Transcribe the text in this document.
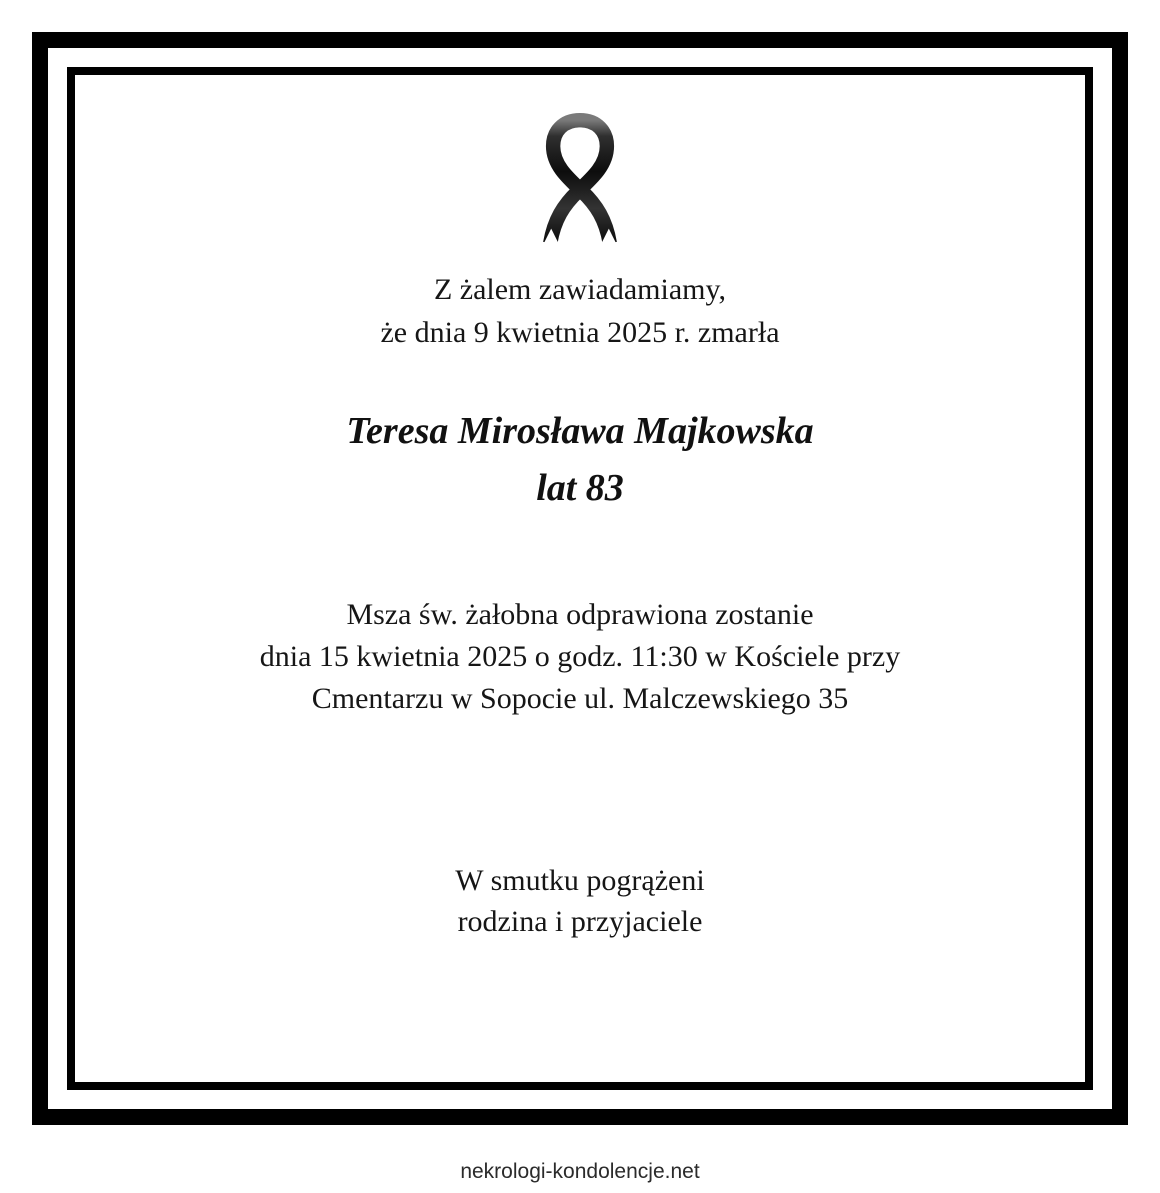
Z żalem zawiadamiamy,
że dnia 9 kwietnia 2025 r. zmarła
Teresa Mirosława Majkowska
lat 83
Msza św. żałobna odprawiona zostanie
dnia 15 kwietnia 2025 o godz. 11:30 w Kościele przy
Cmentarzu w Sopocie ul. Malczewskiego 35
W smutku pogrążeni
rodzina i przyjaciele
nekrologi-kondolencje.net
